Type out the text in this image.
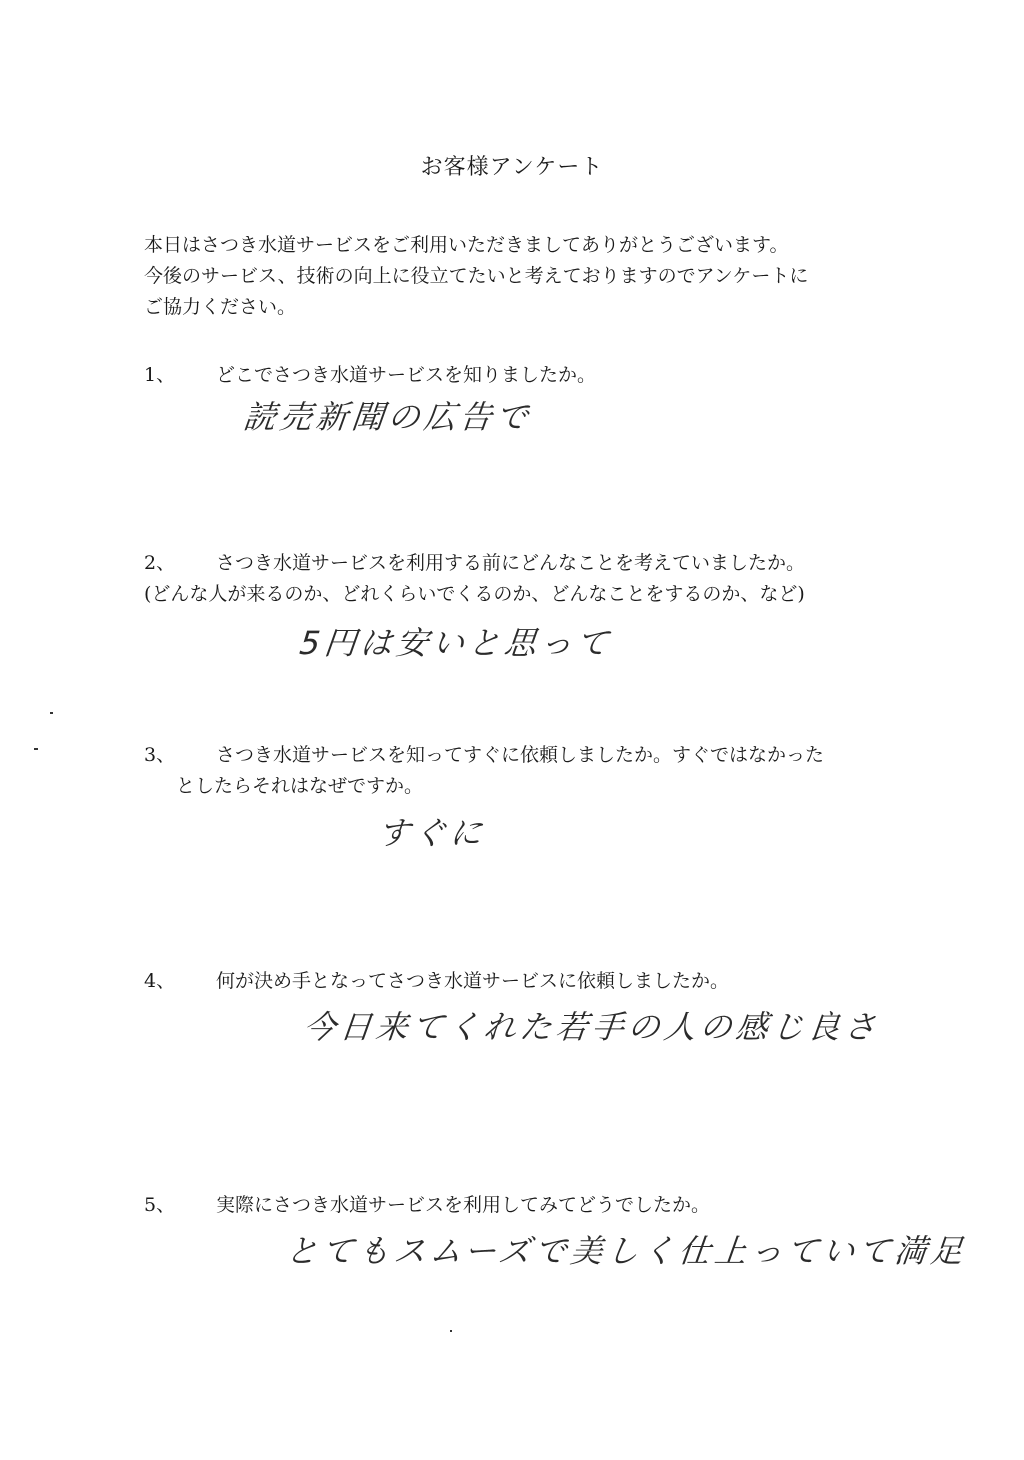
お客様アンケート
本日はさつき水道サービスをご利用いただきましてありがとうございます。
今後のサービス、技術の向上に役立てたいと考えておりますのでアンケートに
ご協力ください。
1、 どこでさつき水道サービスを知りましたか。
読売新聞の広告で
2、 さつき水道サービスを利用する前にどんなことを考えていましたか。
(どんな人が来るのか、どれくらいでくるのか、どんなことをするのか、など)
5円は安いと思って
3、 さつき水道サービスを知ってすぐに依頼しましたか。すぐではなかった
としたらそれはなぜですか。
すぐに
4、 何が決め手となってさつき水道サービスに依頼しましたか。
今日来てくれた若手の人の感じ良さ
5、 実際にさつき水道サービスを利用してみてどうでしたか。
とてもスムーズで美しく仕上っていて満足
